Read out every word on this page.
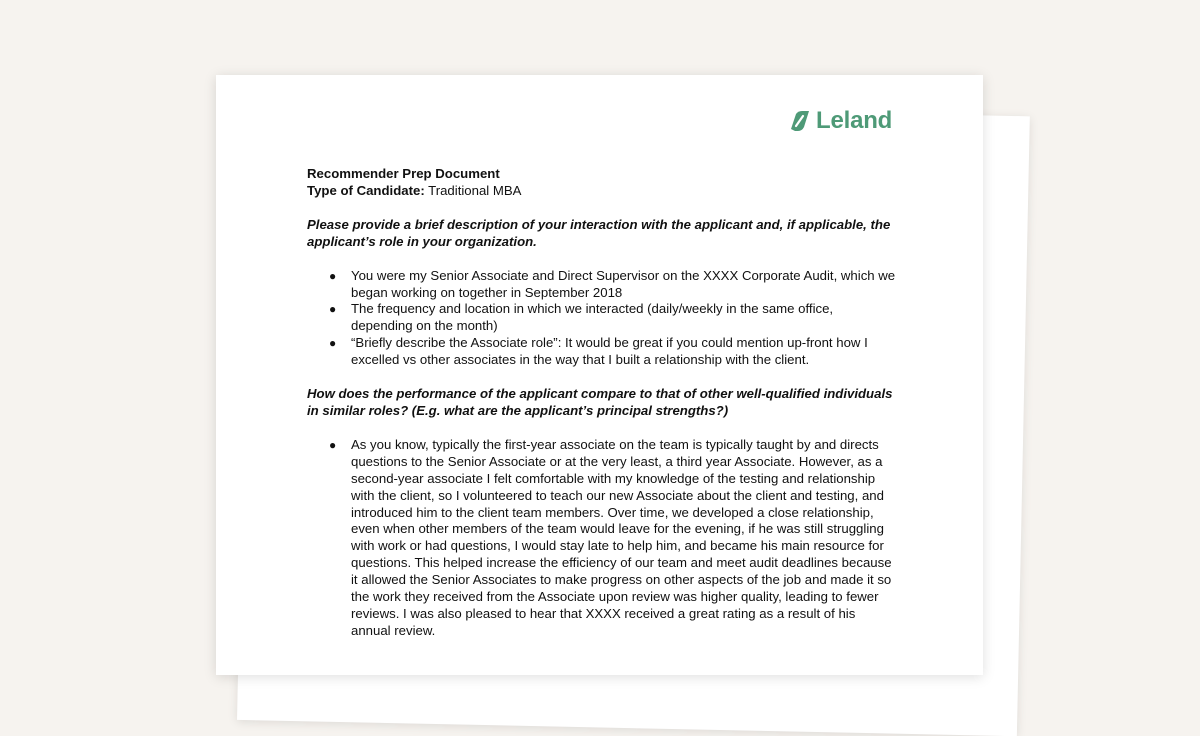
Leland
Recommender Prep Document
Type of Candidate: Traditional MBA

Please provide a brief description of your interaction with the applicant and, if applicable, the applicant’s role in your organization.

● You were my Senior Associate and Direct Supervisor on the XXXX Corporate Audit, which we began working on together in September 2018
● The frequency and location in which we interacted (daily/weekly in the same office, depending on the month)
● “Briefly describe the Associate role”: It would be great if you could mention up-front how I excelled vs other associates in the way that I built a relationship with the client.

How does the performance of the applicant compare to that of other well-qualified individuals in similar roles? (E.g. what are the applicant’s principal strengths?)

● As you know, typically the first-year associate on the team is typically taught by and directs questions to the Senior Associate or at the very least, a third year Associate. However, as a second-year associate I felt comfortable with my knowledge of the testing and relationship with the client, so I volunteered to teach our new Associate about the client and testing, and introduced him to the client team members. Over time, we developed a close relationship, even when other members of the team would leave for the evening, if he was still struggling with work or had questions, I would stay late to help him, and became his main resource for questions. This helped increase the efficiency of our team and meet audit deadlines because it allowed the Senior Associates to make progress on other aspects of the job and made it so the work they received from the Associate upon review was higher quality, leading to fewer reviews. I was also pleased to hear that XXXX received a great rating as a result of his annual review.
